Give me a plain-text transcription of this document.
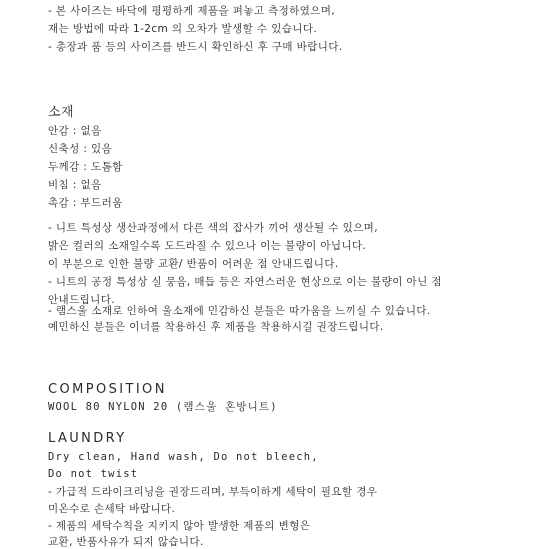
- 본 사이즈는 바닥에 평평하게 제품을 펴놓고 측정하였으며,
재는 방법에 따라 1-2cm 의 오차가 발생할 수 있습니다.
- 총장과 품 등의 사이즈를 반드시 확인하신 후 구매 바랍니다.
소재
안감 : 없음
신축성 : 있음
두께감 : 도톰함
비침 : 없음
촉감 : 부드러움
- 니트 특성상 생산과정에서 다른 색의 잡사가 끼어 생산될 수 있으며,
밝은 컬러의 소재일수록 도드라질 수 있으나 이는 불량이 아닙니다.
이 부분으로 인한 불량 교환/ 반품이 어려운 점 안내드립니다.
- 니트의 공정 특성상 실 뭉음, 매듭 등은 자연스러운 현상으로 이는 불량이 아닌 점
안내드립니다.
- 램스울 소재로 인하여 울소재에 민감하신 분들은 따가움을 느끼실 수 있습니다.
예민하신 분들은 이너를 착용하신 후 제품을 착용하시길 권장드립니다.
COMPOSITION
WOOL 80 NYLON 20 (램스울 혼방니트)
LAUNDRY
Dry clean, Hand wash, Do not bleech,
Do not twist
- 가급적 드라이크리닝을 권장드리며, 부득이하게 세탁이 필요할 경우
미온수로 손세탁 바랍니다.
- 제품의 세탁수칙을 지키지 않아 발생한 제품의 변형은
교환, 반품사유가 되지 않습니다.
